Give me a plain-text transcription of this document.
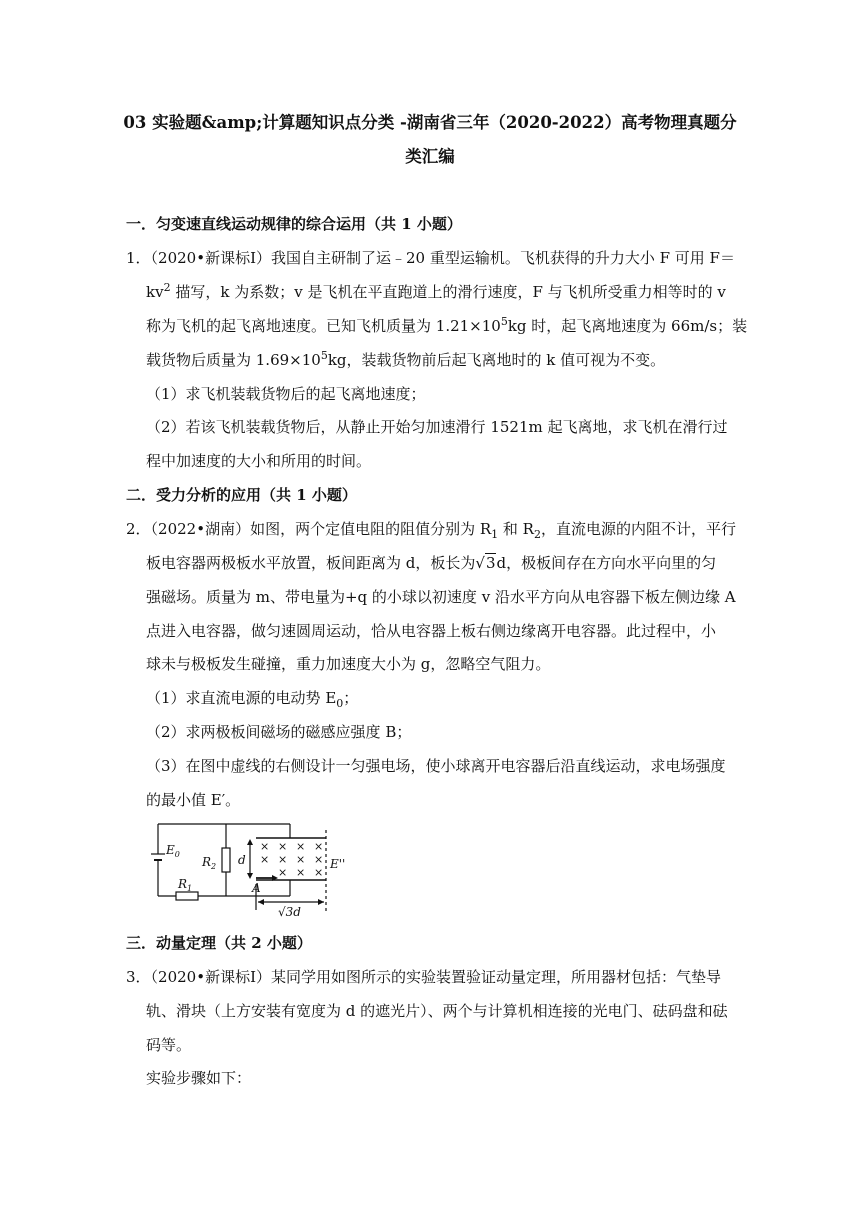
03 实验题&amp;计算题知识点分类 -湖南省三年（2020-2022）高考物理真题分
类汇编
一．匀变速直线运动规律的综合运用（共 1 小题）
1．（2020•新课标Ⅰ）我国自主研制了运﹣20 重型运输机。飞机获得的升力大小 F 可用 F＝
$kv^2$ 描写，k 为系数；v 是飞机在平直跑道上的滑行速度，F 与飞机所受重力相等时的 v
称为飞机的起飞离地速度。已知飞机质量为 $1.21\times 10^5kg$ 时，起飞离地速度为 66m/s；装
载货物后质量为 $1.69\times 10^5kg$，装载货物前后起飞离地时的 k 值可视为不变。
（1）求飞机装载货物后的起飞离地速度；
（2）若该飞机装载货物后，从静止开始匀加速滑行 1521m 起飞离地，求飞机在滑行过
程中加速度的大小和所用的时间。
二．受力分析的应用（共 1 小题）
2．（2022•湖南）如图，两个定值电阻的阻值分别为 $R_1$ 和 $R_2$，直流电源的内阻不计，平行
板电容器两极板水平放置，板间距离为 d，板长为√3d，极板间存在方向水平向里的匀
强磁场。质量为 m、带电量为+q 的小球以初速度 v 沿水平方向从电容器下板左侧边缘 A
点进入电容器，做匀速圆周运动，恰从电容器上板右侧边缘离开电容器。此过程中，小
球未与极板发生碰撞，重力加速度大小为 g，忽略空气阻力。
（1）求直流电源的电动势 $E_0$；
（2）求两极板间磁场的磁感应强度 B；
（3）在图中虚线的右侧设计一匀强电场，使小球离开电容器后沿直线运动，求电场强度
的最小值 E′。
× × × ×
× × × ×
× × ×
$E_0$
$R_1$
$R_2$ d
A
E''
√3d
三．动量定理（共 2 小题）
3．（2020•新课标Ⅰ）某同学用如图所示的实验装置验证动量定理，所用器材包括：气垫导
轨、滑块（上方安装有宽度为 d 的遮光片）、两个与计算机相连接的光电门、砝码盘和砝
码等。
实验步骤如下：
